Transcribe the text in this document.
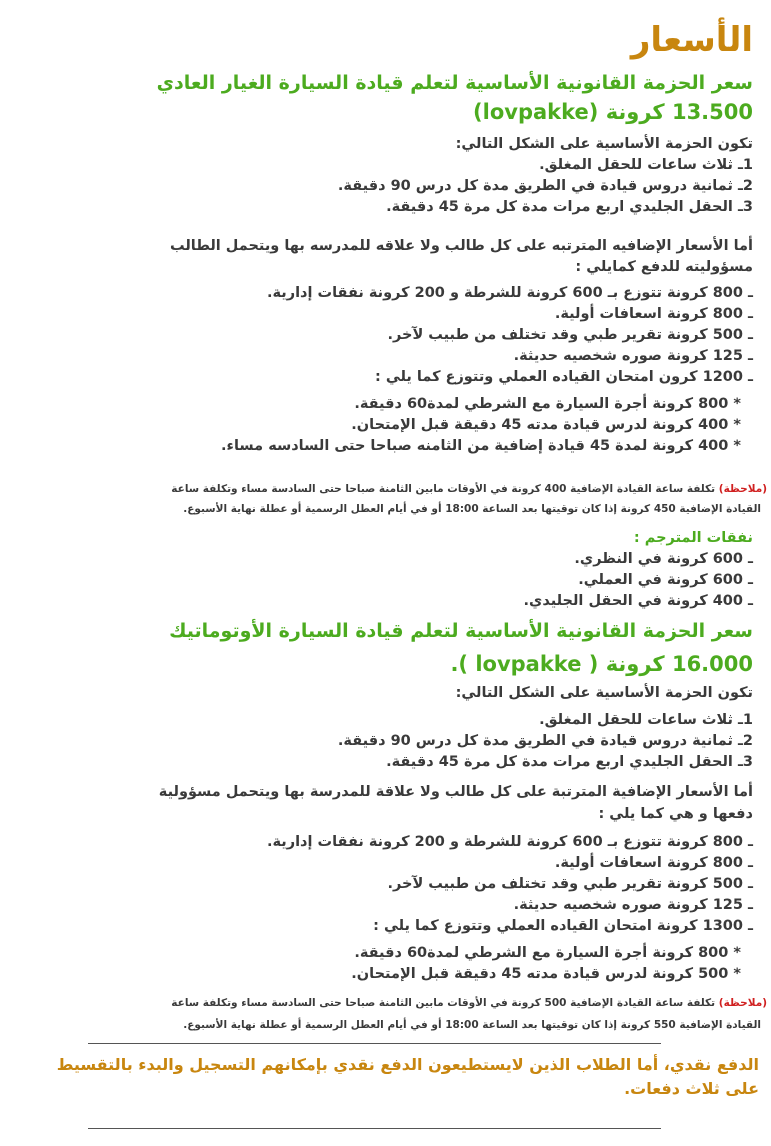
الأسعار
سعر الحزمة القانونية الأساسية لتعلم قيادة السيارة الغيار العادي
13.500 كرونة (lovpakke)
تكون الحزمة الأساسية على الشكل التالي:
1ـ ثلاث ساعات للحقل المغلق.
2ـ ثمانية دروس قيادة في الطريق مدة كل درس 90 دقيقة.
3ـ الحقل الجليدي اربع مرات مدة كل مرة 45 دقيقة.
أما الأسعار الإضافيه المترتبه على كل طالب ولا علاقه للمدرسه بها ويتحمل الطالب
مسؤوليته للدفع كمايلي :
ـ 800 كرونة تتوزع بـ 600 كرونة للشرطة و 200 كرونة نفقات إدارية.
ـ 800 كرونة اسعافات أولية.
ـ 500 كرونة تقرير طبي وقد تختلف من طبيب لآخر.
ـ 125 كرونة صوره شخصيه حديثة.
ـ 1200 كرون امتحان القياده العملي وتتوزع كما يلي :
* 800 كرونة أجرة السيارة مع الشرطي لمدة60 دقيقة.
* 400 كرونة لدرس قيادة مدته 45 دقيقة قبل الإمتحان.
* 400 كرونة لمدة 45 قيادة إضافية من الثامنه صباحا حتى السادسه مساء.
(ملاحظة) تكلفة ساعة القيادة الإضافية 400 كرونة في الأوقات مابين الثامنة صباحا حتى السادسة مساء وتكلفة ساعة
القيادة الإضافية 450 كرونة إذا كان توقيتها بعد الساعة 18:00 أو في أيام العطل الرسمية أو عطلة نهاية الأسبوع.
نفقات المترجم :
ـ 600 كرونة في النظري.
ـ 600 كرونة في العملي.
ـ 400 كرونة في الحقل الجليدي.
سعر الحزمة القانونية الأساسية لتعلم قيادة السيارة الأوتوماتيك
16.000 كرونة ( lovpakke ).
تكون الحزمة الأساسية على الشكل التالي:
1ـ ثلاث ساعات للحقل المغلق.
2ـ ثمانية دروس قيادة في الطريق مدة كل درس 90 دقيقة.
3ـ الحقل الجليدي اربع مرات مدة كل مرة 45 دقيقة.
أما الأسعار الإضافية المترتبة على كل طالب ولا علاقة للمدرسة بها ويتحمل مسؤولية
دفعها و هي كما يلي :
ـ 800 كرونة تتوزع بـ 600 كرونة للشرطة و 200 كرونة نفقات إدارية.
ـ 800 كرونة اسعافات أولية.
ـ 500 كرونة تقرير طبي وقد تختلف من طبيب لآخر.
ـ 125 كرونة صوره شخصيه حديثة.
ـ 1300 كرونة امتحان القياده العملي وتتوزع كما يلي :
* 800 كرونة أجرة السيارة مع الشرطي لمدة60 دقيقة.
* 500 كرونة لدرس قيادة مدته 45 دقيقة قبل الإمتحان.
(ملاحظة) تكلفة ساعة القيادة الإضافية 500 كرونة في الأوقات مابين الثامنة صباحا حتى السادسة مساء وتكلفة ساعة
القيادة الإضافية 550 كرونة إذا كان توقيتها بعد الساعة 18:00 أو في أيام العطل الرسمية أو عطلة نهاية الأسبوع.
الدفع نقدي، أما الطلاب الذين لايستطيعون الدفع نقدي بإمكانهم التسجيل والبدء بالتقسيط على ثلاث دفعات.
